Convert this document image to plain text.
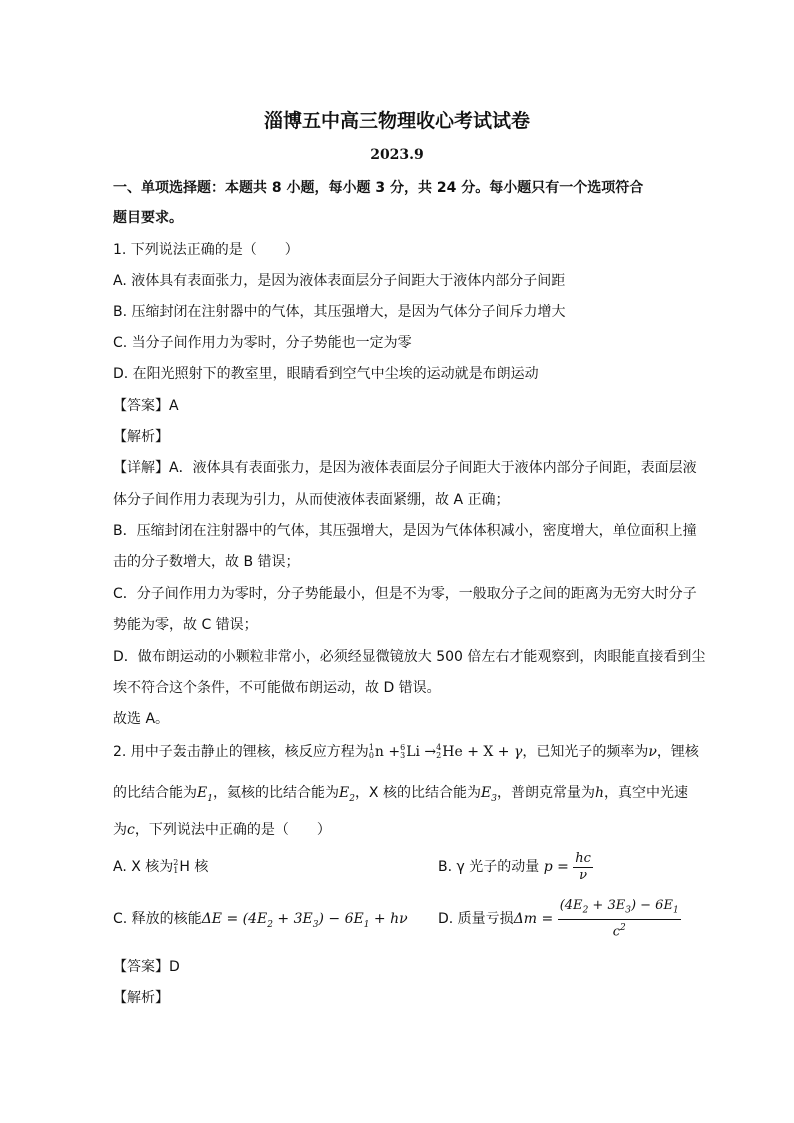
淄博五中高三物理收心考试试卷
2023.9
一、单项选择题：本题共 8 小题，每小题 3 分，共 24 分。每小题只有一个选项符合
题目要求。
1. 下列说法正确的是（　　）
A. 液体具有表面张力，是因为液体表面层分子间距大于液体内部分子间距
B. 压缩封闭在注射器中的气体，其压强增大，是因为气体分子间斥力增大
C. 当分子间作用力为零时，分子势能也一定为零
D. 在阳光照射下的教室里，眼睛看到空气中尘埃的运动就是布朗运动
【答案】A
【解析】
【详解】A．液体具有表面张力，是因为液体表面层分子间距大于液体内部分子间距，表面层液
体分子间作用力表现为引力，从而使液体表面紧绷，故 A 正确；
B．压缩封闭在注射器中的气体，其压强增大，是因为气体体积减小，密度增大，单位面积上撞
击的分子数增大，故 B 错误；
C．分子间作用力为零时，分子势能最小，但是不为零，一般取分子之间的距离为无穷大时分子
势能为零，故 C 错误；
D．做布朗运动的小颗粒非常小，必须经显微镜放大 500 倍左右才能观察到，肉眼能直接看到尘
埃不符合这个条件，不可能做布朗运动，故 D 错误。
故选 A。
2. 用中子轰击静止的锂核，核反应方程为 1
0 n + 6
3 Li → 4
2 He + X + γ，已知光子的频率为ν，锂核
的比结合能为$E_1$，氦核的比结合能为$E_2$，X 核的比结合能为$E_3$，普朗克常量为h，真空中光速
为c，下列说法中正确的是（　　）
A. X 核为 2
1 H 核	B. γ 光子的动量 $p = \frac{hc}{\nu}$
C. 释放的核能$\Delta E = (4E_2 + 3E_3) - 6E_1 + h\nu$ D. 质量亏损$\Delta m = \frac{(4E_2 + 3E_3) - 6E_1}{c^2}$
【答案】D
【解析】
